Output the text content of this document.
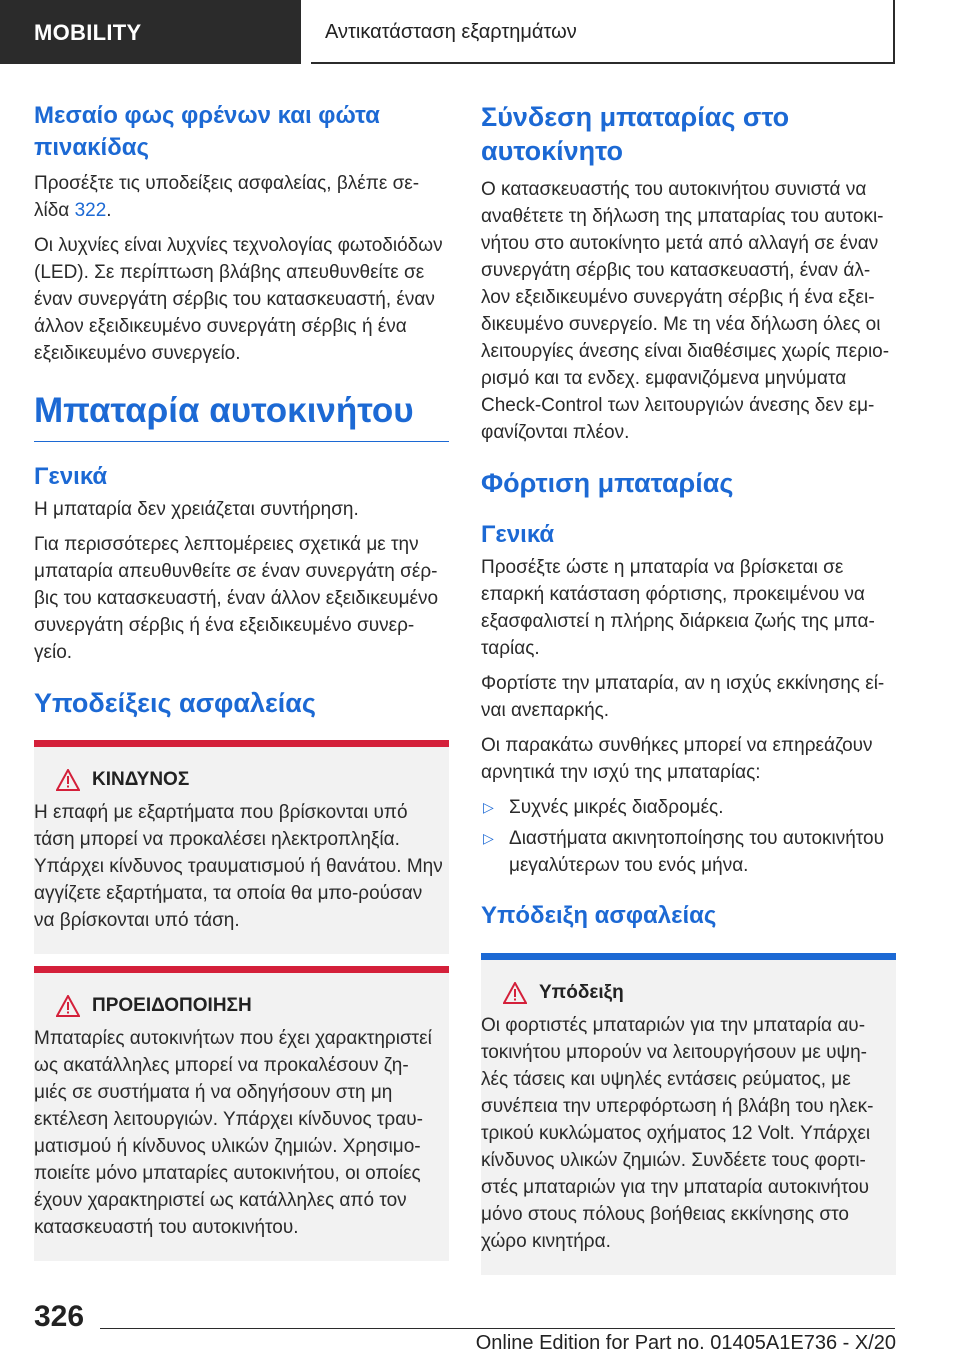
MOBILITY	Αντικατάσταση εξαρτημάτων
Μεσαίο φως φρένων και φώτα πινακίδας

Προσέξτε τις υποδείξεις ασφαλείας, βλέπε σε-λίδα 322.

Οι λυχνίες είναι λυχνίες τεχνολογίας φωτοδιόδων (LED). Σε περίπτωση βλάβης απευθυνθείτε σε έναν συνεργάτη σέρβις του κατασκευαστή, έναν άλλον εξειδικευμένο συνεργάτη σέρβις ή ένα εξειδικευμένο συνεργείο.

Μπαταρία αυτοκινήτου
Γενικά

Η μπαταρία δεν χρειάζεται συντήρηση.

Για περισσότερες λεπτομέρειες σχετικά με την μπαταρία απευθυνθείτε σε έναν συνεργάτη σέρ-βις του κατασκευαστή, έναν άλλον εξειδικευμένο συνεργάτη σέρβις ή ένα εξειδικευμένο συνερ-γείο.

Υποδείξεις ασφαλείας
ΚΙΝΔΥΝΟΣ

Η επαφή με εξαρτήματα που βρίσκονται υπό τάση μπορεί να προκαλέσει ηλεκτροπληξία. Υπάρχει κίνδυνος τραυματισμού ή θανάτου. Μην αγγίζετε εξαρτήματα, τα οποία θα μπο-ρούσαν να βρίσκονται υπό τάση.

ΠΡΟΕΙΔΟΠΟΙΗΣΗ

Μπαταρίες αυτοκινήτων που έχει χαρακτηριστεί ως ακατάλληλες μπορεί να προκαλέσουν ζη-μιές σε συστήματα ή να οδηγήσουν στη μη εκτέλεση λειτουργιών. Υπάρχει κίνδυνος τραυ-ματισμού ή κίνδυνος υλικών ζημιών. Χρησιμο-ποιείτε μόνο μπαταρίες αυτοκινήτου, οι οποίες έχουν χαρακτηριστεί ως κατάλληλες από τον κατασκευαστή του αυτοκινήτου.

Σύνδεση μπαταρίας στο αυτοκίνητο

Ο κατασκευαστής του αυτοκινήτου συνιστά να αναθέτετε τη δήλωση της μπαταρίας του αυτοκι-νήτου στο αυτοκίνητο μετά από αλλαγή σε έναν συνεργάτη σέρβις του κατασκευαστή, έναν άλ-λον εξειδικευμένο συνεργάτη σέρβις ή ένα εξει-δικευμένο συνεργείο. Με τη νέα δήλωση όλες οι λειτουργίες άνεσης είναι διαθέσιμες χωρίς περιο-ρισμό και τα ενδεχ. εμφανιζόμενα μηνύματα Check-Control των λειτουργιών άνεσης δεν εμ-φανίζονται πλέον.

Φόρτιση μπαταρίας
Γενικά

Προσέξτε ώστε η μπαταρία να βρίσκεται σε επαρκή κατάσταση φόρτισης, προκειμένου να εξασφαλιστεί η πλήρης διάρκεια ζωής της μπα-ταρίας.

Φορτίστε την μπαταρία, αν η ισχύς εκκίνησης εί-ναι ανεπαρκής.

Οι παρακάτω συνθήκες μπορεί να επηρεάζουν αρνητικά την ισχύ της μπαταρίας:

▷ Συχνές μικρές διαδρομές.
▷ Διαστήματα ακινητοποίησης του αυτοκινήτου μεγαλύτερων του ενός μήνα.
Υπόδειξη ασφαλείας
Υπόδειξη

Οι φορτιστές μπαταριών για την μπαταρία αυ-τοκινήτου μπορούν να λειτουργήσουν με υψη-λές τάσεις και υψηλές εντάσεις ρεύματος, με συνέπεια την υπερφόρτωση ή βλάβη του ηλεκ-τρικού κυκλώματος οχήματος 12 Volt. Υπάρχει κίνδυνος υλικών ζημιών. Συνδέετε τους φορτι-στές μπαταριών για την μπαταρία αυτοκινήτου μόνο στους πόλους βοήθειας εκκίνησης στο χώρο κινητήρα.

326
Online Edition for Part no. 01405A1E736 - X/20
